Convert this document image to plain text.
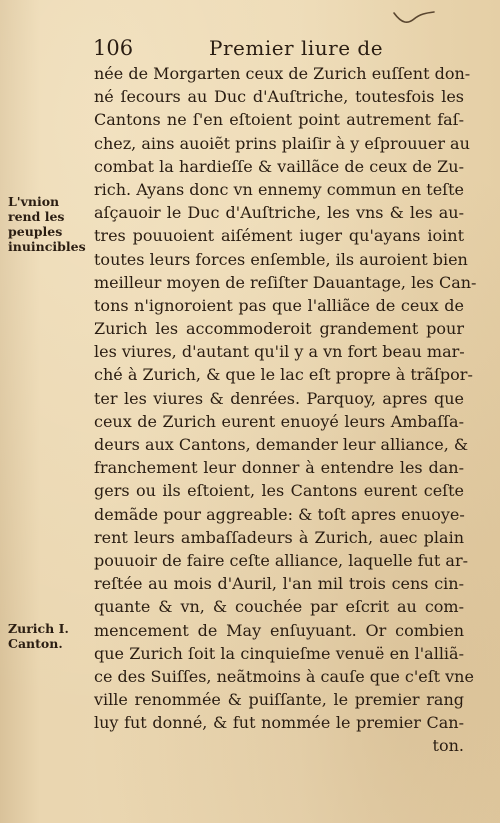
106	Premier liure de
née de Morgarten ceux de Zurich euſſent don-
né ſecours au Duc d'Auſtriche, toutesfois les
Cantons ne ſ'en eſtoient point autrement faſ-
chez, ains auoiẽt prins plaiſir à y eſprouuer au
combat la hardieſſe & vaillãce de ceux de Zu-
rich. Ayans donc vn ennemy commun en teſte
aſçauoir le Duc d'Auſtriche, les vns & les au-
tres pouuoient aiſément iuger qu'ayans ioint
toutes leurs forces enſemble, ils auroient bien
meilleur moyen de reſiſter Dauantage, les Can-
tons n'ignoroient pas que l'alliãce de ceux de
Zurich les accommoderoit grandement pour
les viures, d'autant qu'il y a vn fort beau mar-
ché à Zurich, & que le lac eſt propre à trãſpor-
ter les viures & denrées. Parquoy, apres que
ceux de Zurich eurent enuoyé leurs Ambaſſa-
deurs aux Cantons, demander leur alliance, &
franchement leur donner à entendre les dan-
gers ou ils eſtoient, les Cantons eurent ceſte
demãde pour aggreable: & toſt apres enuoye-
rent leurs ambaſſadeurs à Zurich, auec plain
pouuoir de faire ceſte alliance, laquelle fut ar-
reſtée au mois d'Auril, l'an mil trois cens cin-
quante & vn, & couchée par eſcrit au com-
mencement de May enſuyuant. Or combien
que Zurich ſoit la cinquieſme venuë en l'alliã-
ce des Suiſſes, neãtmoins à cauſe que c'eſt vne
ville renommée & puiſſante, le premier rang
luy fut donné, & fut nommée le premier Can-
ton.
L'vnion
rend les
peuples
inuincibles
Zurich I.
Canton.
